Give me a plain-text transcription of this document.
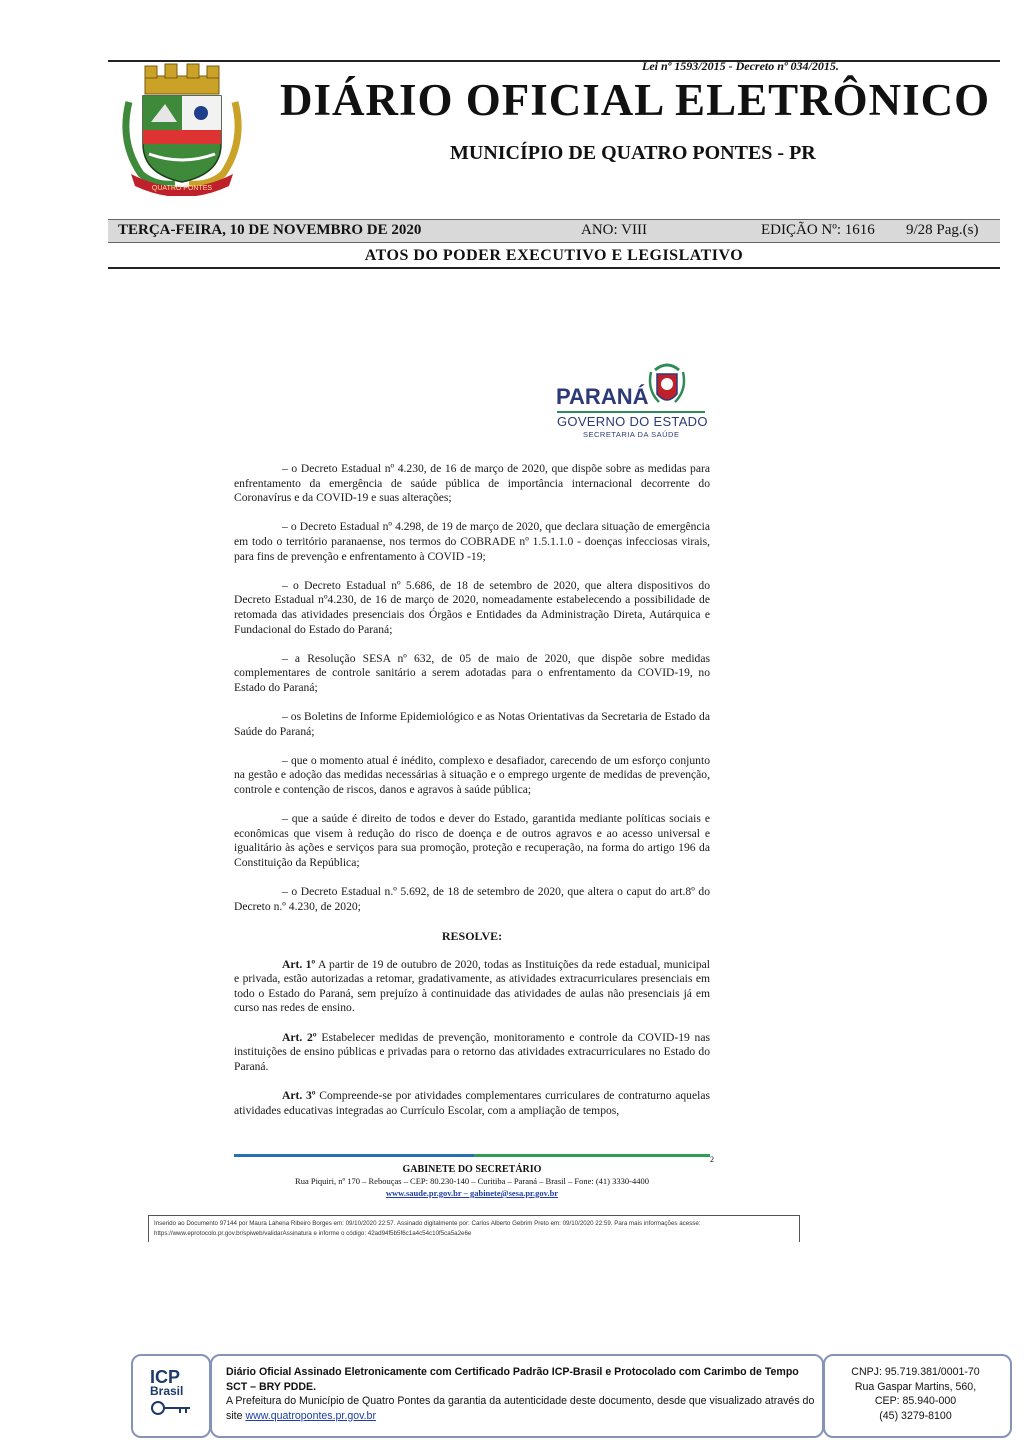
Lei nº 1593/2015 - Decreto nº 034/2015.
QUATRO PONTES
DIÁRIO OFICIAL ELETRÔNICO
MUNICÍPIO DE QUATRO PONTES - PR
TERÇA-FEIRA, 10 DE NOVEMBRO DE 2020	ANO: VIII	EDIÇÃO Nº: 1616 9/28 Pag.(s)
ATOS DO PODER EXECUTIVO E LEGISLATIVO
PARANÁ
GOVERNO DO ESTADO
SECRETARIA DA SAÚDE

– o Decreto Estadual nº 4.230, de 16 de março de 2020, que dispõe sobre as medidas para enfrentamento da emergência de saúde pública de importância internacional decorrente do Coronavírus e da COVID-19 e suas alterações;

– o Decreto Estadual nº 4.298, de 19 de março de 2020, que declara situação de emergência em todo o território paranaense, nos termos do COBRADE nº 1.5.1.1.0 - doenças infecciosas virais, para fins de prevenção e enfrentamento à COVID -19;

– o Decreto Estadual nº 5.686, de 18 de setembro de 2020, que altera dispositivos do Decreto Estadual nº4.230, de 16 de março de 2020, nomeadamente estabelecendo a possibilidade de retomada das atividades presenciais dos Órgãos e Entidades da Administração Direta, Autárquica e Fundacional do Estado do Paraná;

– a Resolução SESA nº 632, de 05 de maio de 2020, que dispõe sobre medidas complementares de controle sanitário a serem adotadas para o enfrentamento da COVID-19, no Estado do Paraná;

– os Boletins de Informe Epidemiológico e as Notas Orientativas da Secretaria de Estado da Saúde do Paraná;

– que o momento atual é inédito, complexo e desafiador, carecendo de um esforço conjunto na gestão e adoção das medidas necessárias à situação e o emprego urgente de medidas de prevenção, controle e contenção de riscos, danos e agravos à saúde pública;

– que a saúde é direito de todos e dever do Estado, garantida mediante políticas sociais e econômicas que visem à redução do risco de doença e de outros agravos e ao acesso universal e igualitário às ações e serviços para sua promoção, proteção e recuperação, na forma do artigo 196 da Constituição da República;

– o Decreto Estadual n.º 5.692, de 18 de setembro de 2020, que altera o caput do art.8º do Decreto n.º 4.230, de 2020;

RESOLVE:

Art. 1º A partir de 19 de outubro de 2020, todas as Instituições da rede estadual, municipal e privada, estão autorizadas a retomar, gradativamente, as atividades extracurriculares presenciais em todo o Estado do Paraná, sem prejuízo à continuidade das atividades de aulas não presenciais já em curso nas redes de ensino.

Art. 2º Estabelecer medidas de prevenção, monitoramento e controle da COVID-19 nas instituições de ensino públicas e privadas para o retorno das atividades extracurriculares no Estado do Paraná.

Art. 3º Compreende-se por atividades complementares curriculares de contraturno aquelas atividades educativas integradas ao Currículo Escolar, com a ampliação de tempos,

2
GABINETE DO SECRETÁRIO
Rua Piquiri, nº 170 – Rebouças – CEP: 80.230-140 – Curitiba – Paraná – Brasil – Fone: (41) 3330-4400
www.saude.pr.gov.br – gabinete@sesa.pr.gov.br
Inserido ao Documento 97144 por Maura Lahena Ribeiro Borges em: 09/10/2020 22:57. Assinado digitalmente por: Carlos Alberto Gebrim Preto em: 09/10/2020 22:59. Para mais informações acesse: https://www.eprotocolo.pr.gov.br/spiweb/validarAssinatura e informe o código: 42ad94f5b5f6c1a4c54c10f5ca5a2e6e
ICP
Brasil
Diário Oficial Assinado Eletronicamente com Certificado Padrão ICP-Brasil e Protocolado com Carimbo de Tempo SCT – BRY PDDE.
A Prefeitura do Município de Quatro Pontes da garantia da autenticidade deste documento, desde que visualizado através do site www.quatropontes.pr.gov.br
CNPJ: 95.719.381/0001-70
Rua Gaspar Martins, 560,
CEP: 85.940-000
(45) 3279-8100
